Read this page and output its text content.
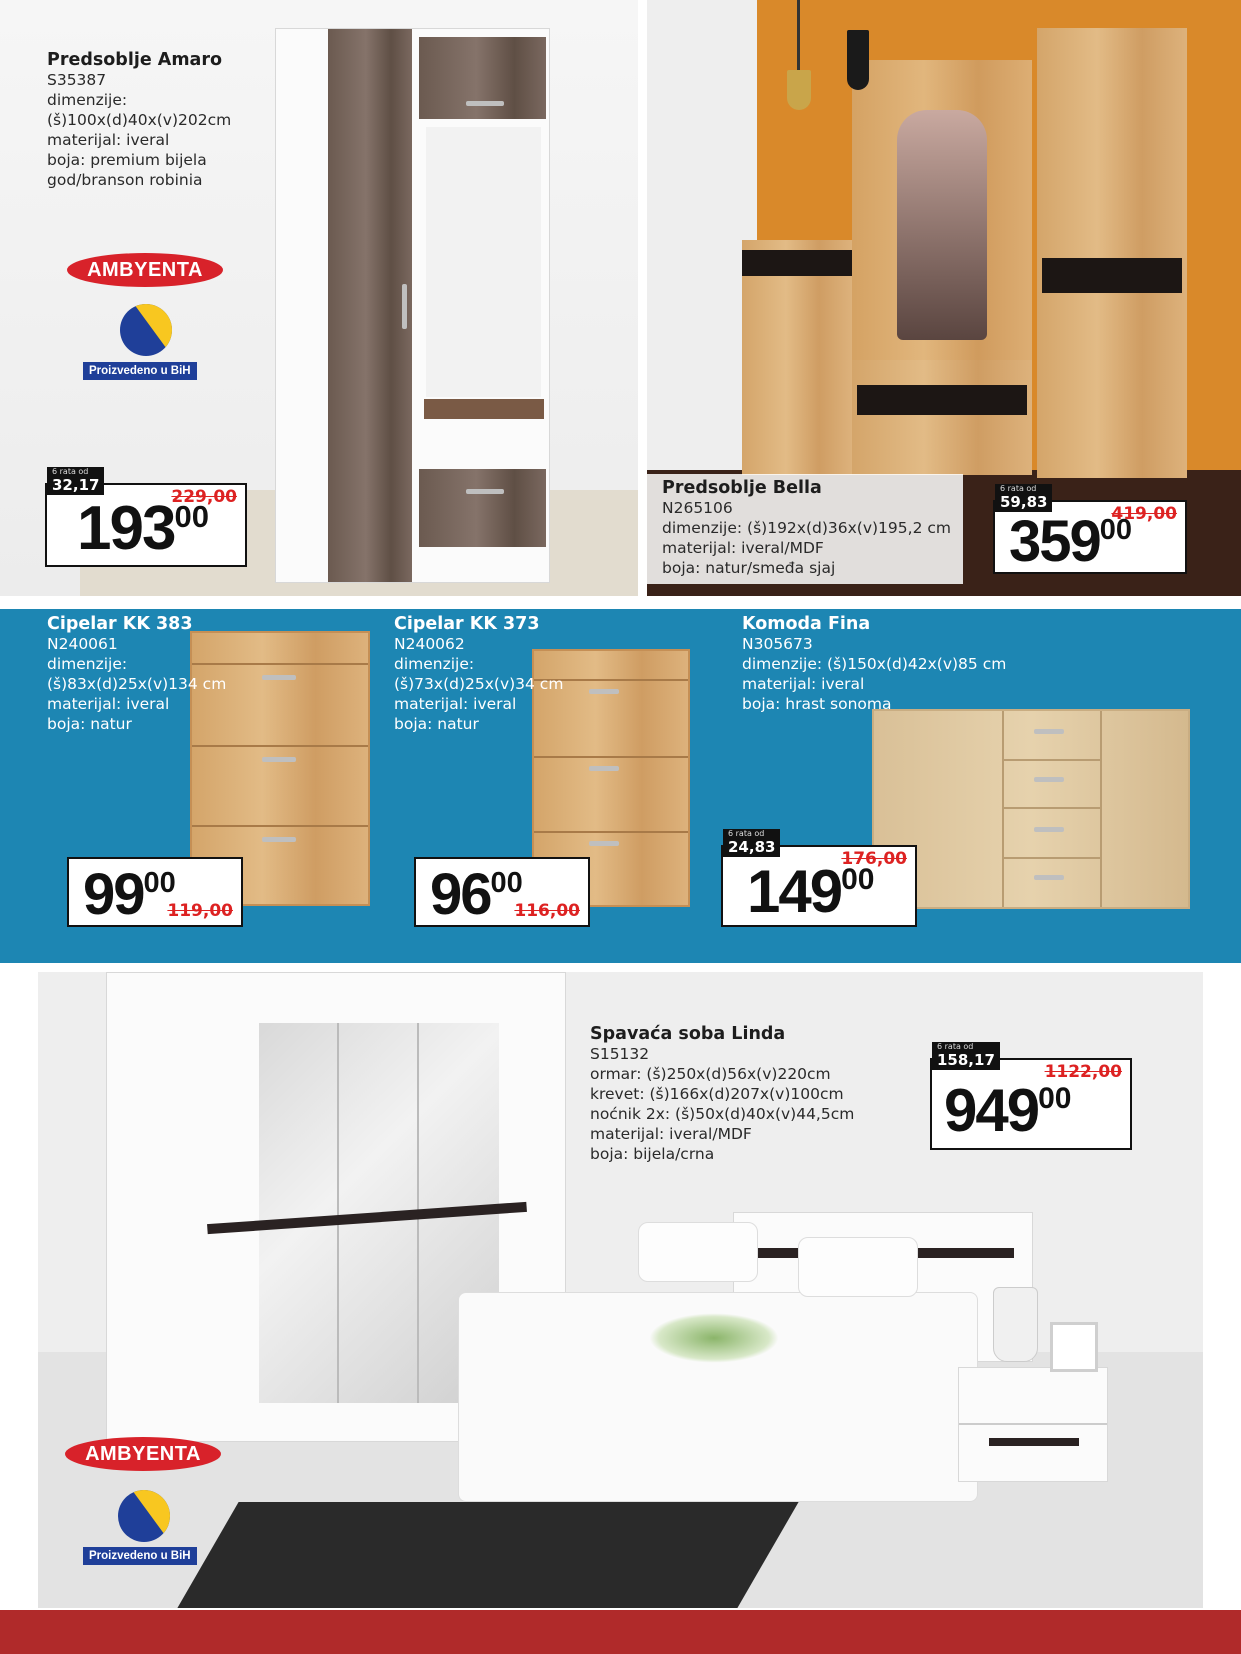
Predsoblje Amaro
S35387
dimenzije:
(š)100x(d)40x(v)202cm
materijal: iveral
boja: premium bijela
god/branson robinia
AMBYENTA
Proizvedeno u BiH
6 rata od
32,17
229,00
$193^{00}$
Predsoblje Bella
N265106
dimenzije: (š)192x(d)36x(v)195,2 cm
materijal: iveral/MDF
boja: natur/smeđa sjaj
6 rata od
59,83
419,00
$359^{00}$
Cipelar KK 383
N240061
dimenzije:
(š)83x(d)25x(v)134 cm
materijal: iveral
boja: natur
Cipelar KK 373
N240062
dimenzije:
(š)73x(d)25x(v)34 cm
materijal: iveral
boja: natur
Komoda Fina
N305673
dimenzije: (š)150x(d)42x(v)85 cm
materijal: iveral
boja: hrast sonoma
$99^{00}$
119,00	$96^{00}$
116,00
6 rata od
24,83
176,00
$149^{00}$
Spavaća soba Linda
S15132
ormar: (š)250x(d)56x(v)220cm
krevet: (š)166x(d)207x(v)100cm
noćnik 2x: (š)50x(d)40x(v)44,5cm
materijal: iveral/MDF
boja: bijela/crna
6 rata od
158,17
1122,00
$949^{00}$
AMBYENTA
Proizvedeno u BiH
